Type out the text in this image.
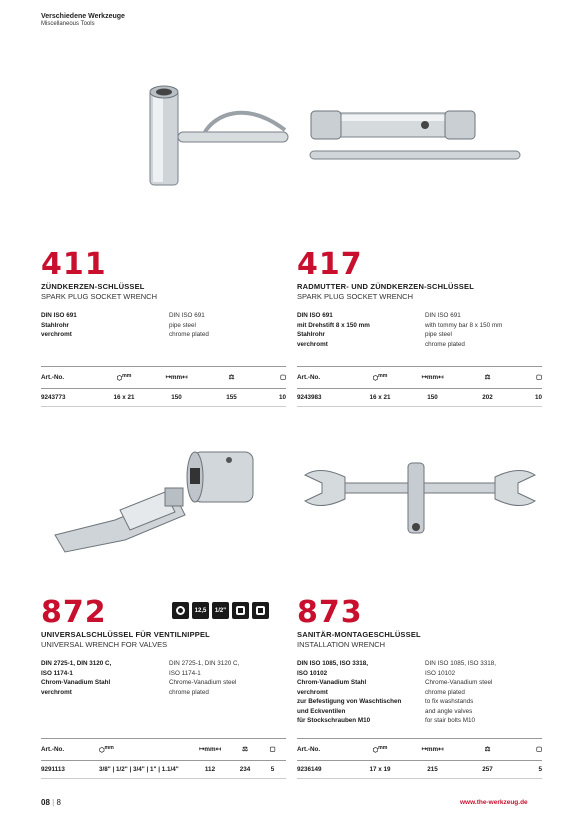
Verschiedene Werkzeuge
Miscellaneous Tools
411
ZÜNDKERZEN-SCHLÜSSEL
SPARK PLUG SOCKET WRENCH
DIN ISO 691
Stahlrohr
verchromt
DIN ISO 691
pipe steel
chrome plated
Art.-No.	⬡$^{mm}$	↦mm↤	⚖	▢
9243773	16 x 21	150	155	10
417
RADMUTTER- UND ZÜNDKERZEN-SCHLÜSSEL
SPARK PLUG SOCKET WRENCH
DIN ISO 691
mit Drehstift 8 x 150 mm
Stahlrohr
verchromt
DIN ISO 691
with tommy bar 8 x 150 mm
pipe steel
chrome plated
Art.-No.	⬡$^{mm}$	↦mm↤	⚖	▢
9243983	16 x 21	150	202	10
872
UNIVERSALSCHLÜSSEL FÜR VENTILNIPPEL
UNIVERSAL WRENCH FOR VALVES
DIN 2725-1, DIN 3120 C,
ISO 1174-1
Chrom-Vanadium Stahl
verchromt
DIN 2725-1, DIN 3120 C,
ISO 1174-1
Chrome-Vanadium steel
chrome plated
12,5	1/2"
Art.-No.	⬡$^{mm}$	↦mm↤	⚖	▢
9291113	3/8" | 1/2" | 3/4" | 1" | 1.1/4"	112	234	5
873
SANITÄR-MONTAGESCHLÜSSEL
INSTALLATION WRENCH
DIN ISO 1085, ISO 3318,
ISO 10102
Chrom-Vanadium Stahl
verchromt
zur Befestigung von Waschtischen
und Eckventilen
für Stockschrauben M10
DIN ISO 1085, ISO 3318,
ISO 10102
Chrome-Vanadium steel
chrome plated
to fix washstands
and angle valves
for stair bolts M10
Art.-No.	⬡$^{mm}$	↦mm↤	⚖	▢
9236149	17 x 19	215	257	5
08 | 8	www.the-werkzeug.de
